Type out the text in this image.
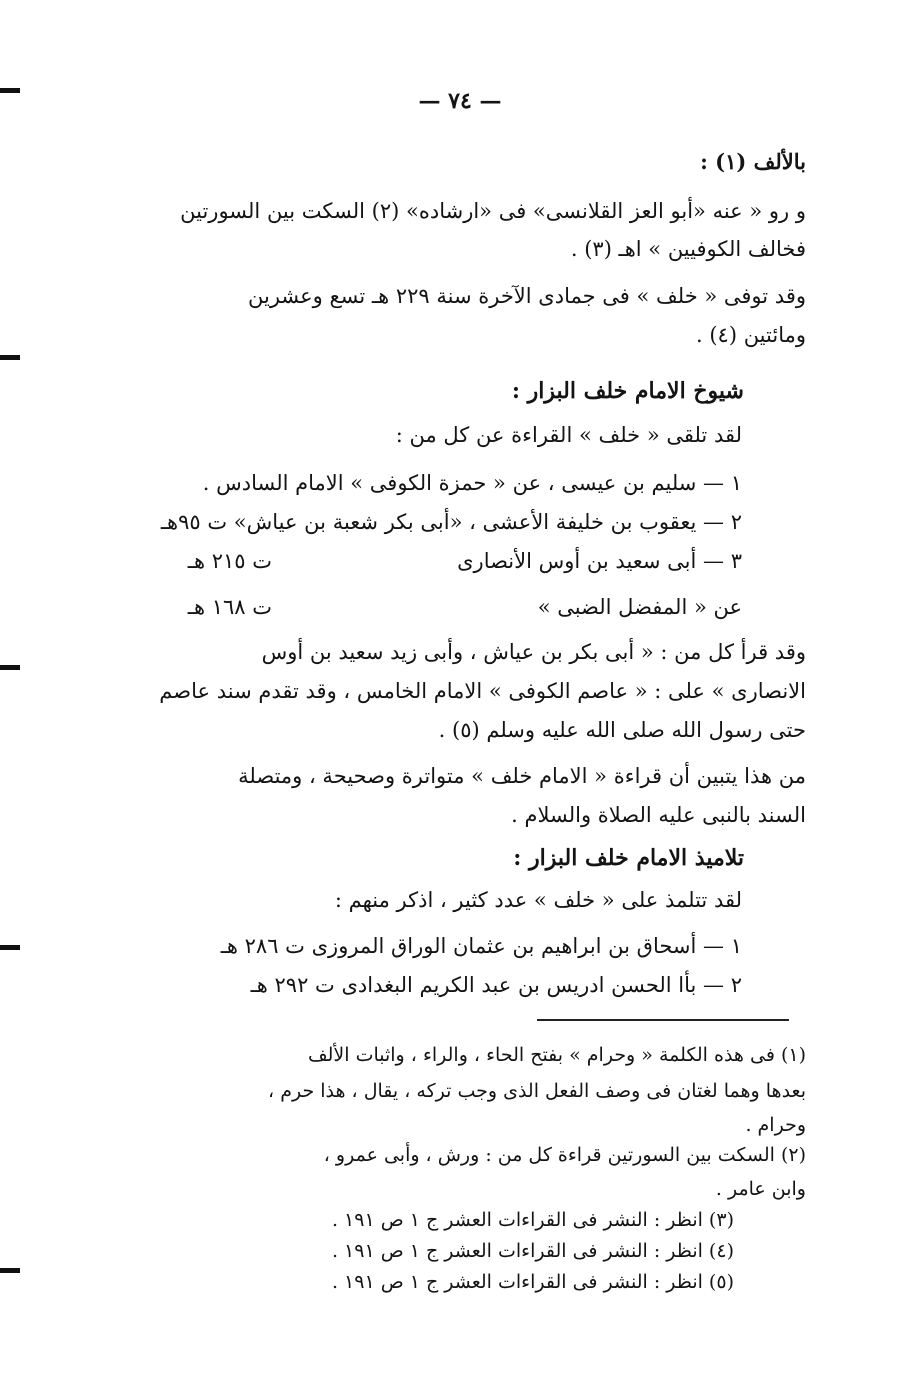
— ٧٤ —
بالألف (١) :
و رو « عنه «أبو العز القلانسى» فى «ارشاده» (٢) السكت بين السورتين
فخالف الكوفيين » اهـ (٣) .
وقد توفى « خلف » فى جمادى الآخرة سنة ٢٢٩ هـ تسع وعشرين
ومائتين (٤) .
شيوخ الامام خلف البزار :
لقد تلقى « خلف » القراءة عن كل من :
١ — سليم بن عيسى ، عن « حمزة الكوفى » الامام السادس .
٢ — يعقوب بن خليفة الأعشى ، «أبى بكر شعبة بن عياش» ت ٩٥هـ
٣ — أبى سعيد بن أوس الأنصارى
ت ٢١٥ هـ
عن « المفضل الضبى »
ت ١٦٨ هـ
وقد قرأ كل من : « أبى بكر بن عياش ، وأبى زيد سعيد بن أوس
الانصارى » على : « عاصم الكوفى » الامام الخامس ، وقد تقدم سند عاصم
حتى رسول الله صلى الله عليه وسلم (٥) .
من هذا يتبين أن قراءة « الامام خلف » متواترة وصحيحة ، ومتصلة
السند بالنبى عليه الصلاة والسلام .
تلاميذ الامام خلف البزار :
لقد تتلمذ على « خلف » عدد كثير ، اذكر منهم :
١ — أسحاق بن ابراهيم بن عثمان الوراق المروزى ت ٢٨٦ هـ
٢ — بأا الحسن ادريس بن عبد الكريم البغدادى ت ٢٩٢ هـ
(١) فى هذه الكلمة « وحرام » بفتح الحاء ، والراء ، واثبات الألف
بعدها وهما لغتان فى وصف الفعل الذى وجب تركه ، يقال ، هذا حرم ،
وحرام .
(٢) السكت بين السورتين قراءة كل من : ورش ، وأبى عمرو ،
وابن عامر .
(٣) انظر : النشر فى القراءات العشر ج ١ ص ١٩١ .
(٤) انظر : النشر فى القراءات العشر ج ١ ص ١٩١ .
(٥) انظر : النشر فى القراءات العشر ج ١ ص ١٩١ .
